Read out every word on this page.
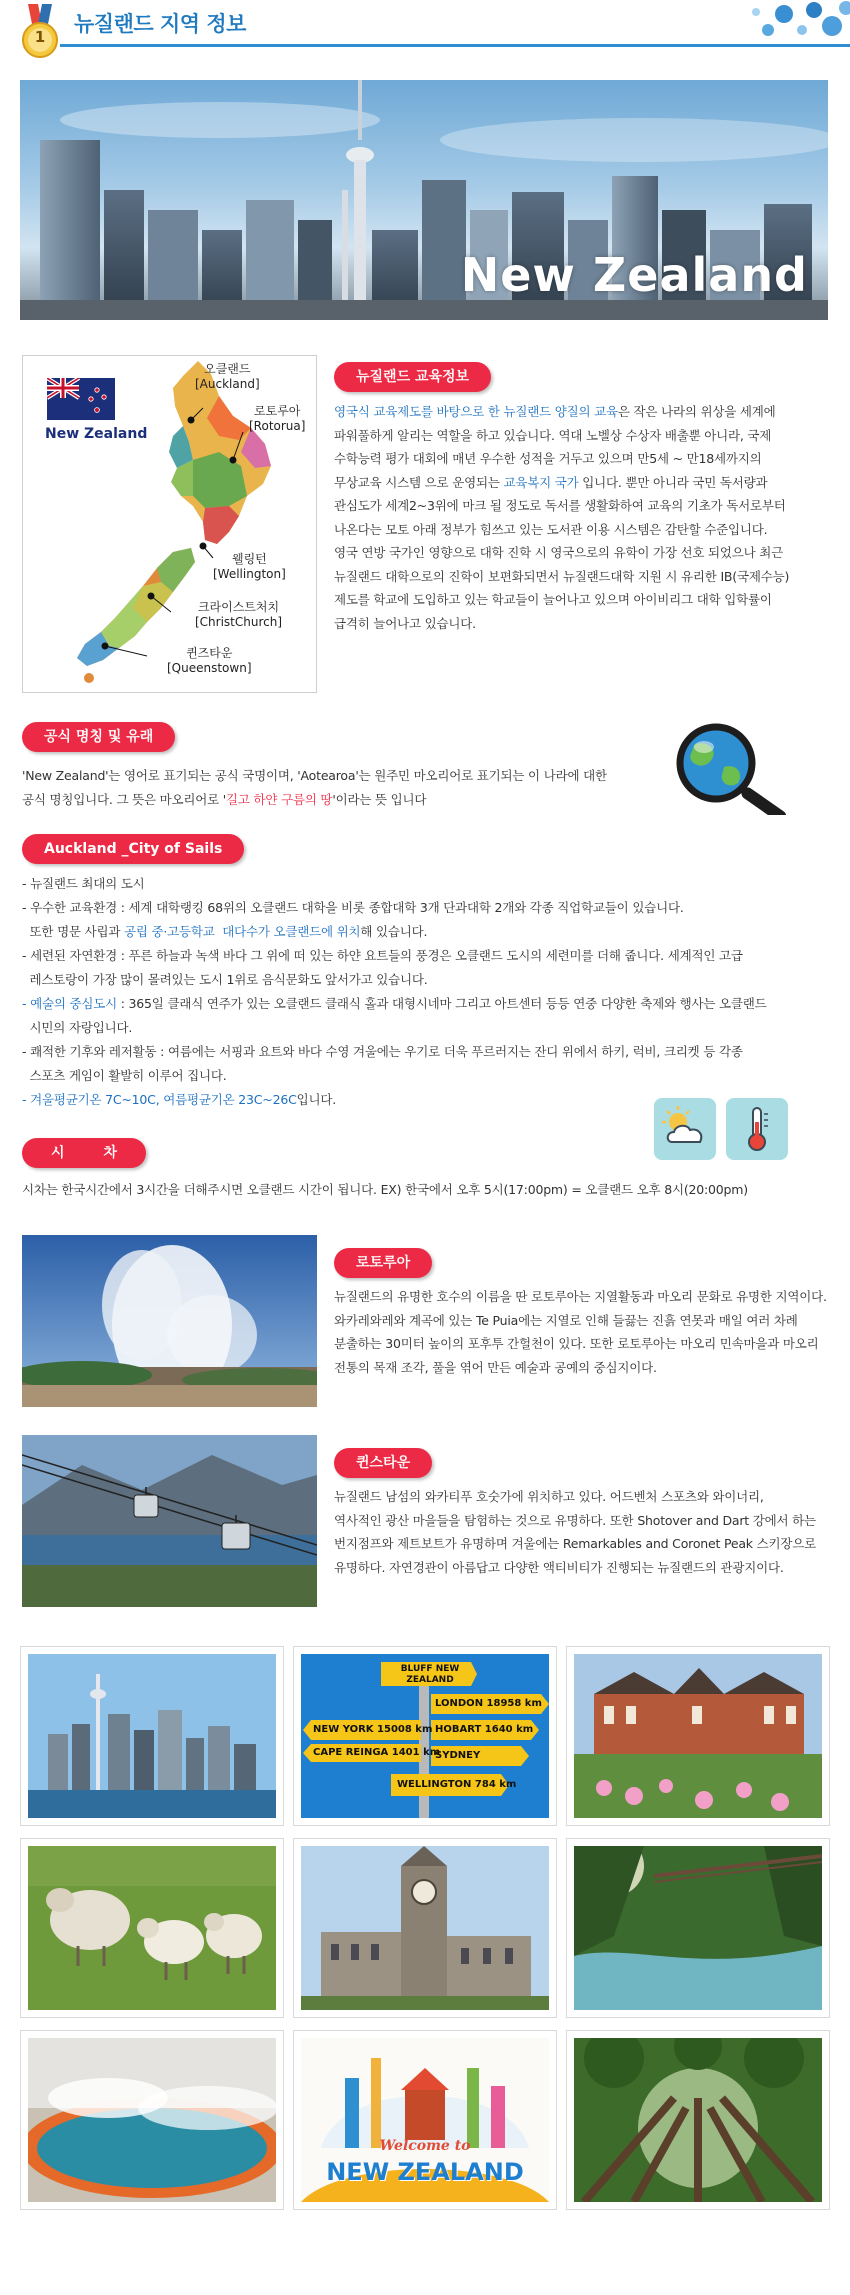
1
뉴질랜드 지역 정보
New Zealand
New Zealand
오클랜드
[Auckland]
로토루아
[Rotorua]
웰링턴
[Wellington]
크라이스트처치
[ChristChurch]
퀸즈타운
[Queenstown]
뉴질랜드 교육정보
영국식 교육제도를 바탕으로 한 뉴질랜드 양질의 교육은 작은 나라의 위상을 세계에
파워풀하게 알리는 역할을 하고 있습니다. 역대 노벨상 수상자 배출뿐 아니라, 국제
수학능력 평가 대회에 매년 우수한 성적을 거두고 있으며 만5세 ~ 만18세까지의
무상교육 시스템 으로 운영되는 교육복지 국가 입니다. 뿐만 아니라 국민 독서량과
관심도가 세계2~3위에 마크 될 정도로 독서를 생활화하여 교육의 기초가 독서로부터
나온다는 모토 아래 정부가 힘쓰고 있는 도서관 이용 시스템은 감탄할 수준입니다.
영국 연방 국가인 영향으로 대학 진학 시 영국으로의 유학이 가장 선호 되었으나 최근
뉴질랜드 대학으로의 진학이 보편화되면서 뉴질랜드대학 지원 시 유리한 IB(국제수능)
제도를 학교에 도입하고 있는 학교들이 늘어나고 있으며 아이비리그 대학 입학률이
급격히 늘어나고 있습니다.
공식 명칭 및 유래
'New Zealand'는 영어로 표기되는 공식 국명이며, 'Aotearoa'는 원주민 마오리어로 표기되는 이 나라에 대한
공식 명칭입니다. 그 뜻은 마오리어로 '길고 하얀 구름의 땅'이라는 뜻 입니다
Auckland _City of Sails
- 뉴질랜드 최대의 도시
- 우수한 교육환경 : 세계 대학랭킹 68위의 오클랜드 대학을 비롯 종합대학 3개 단과대학 2개와 각종 직업학교들이 있습니다.
또한 명문 사립과 공립 중·고등학교  대다수가 오클랜드에 위치해 있습니다.
- 세련된 자연환경 : 푸른 하늘과 녹색 바다 그 위에 떠 있는 하얀 요트들의 풍경은 오클랜드 도시의 세련미를 더해 줍니다. 세계적인 고급
레스토랑이 가장 많이 몰려있는 도시 1위로 음식문화도 앞서가고 있습니다.
- 예술의 중심도시 : 365일 클래식 연주가 있는 오클랜드 클래식 홀과 대형시네마 그리고 아트센터 등등 연중 다양한 축제와 행사는 오클랜드
시민의 자랑입니다.
- 쾌적한 기후와 레저활동 : 여름에는 서핑과 요트와 바다 수영 겨울에는 우기로 더욱 푸르러지는 잔디 위에서 하키, 럭비, 크리켓 등 각종
스포츠 게임이 활발히 이루어 집니다.
- 겨울평균기온 7C~10C, 여름평균기온 23C~26C입니다.
시        차
시차는 한국시간에서 3시간을 더해주시면 오클랜드 시간이 됩니다. EX) 한국에서 오후 5시(17:00pm) = 오클랜드 오후 8시(20:00pm)
로토루아
뉴질랜드의 유명한 호수의 이름을 딴 로토루아는 지열활동과 마오리 문화로 유명한 지역이다.
와카레와레와 계곡에 있는 Te Puia에는 지열로 인해 들끓는 진흙 연못과 매일 여러 차례
분출하는 30미터 높이의 포후투 간헐천이 있다. 또한 로토루아는 마오리 민속마을과 마오리
전통의 목재 조각, 풀을 엮어 만든 예술과 공예의 중심지이다.
퀸스타운
뉴질랜드 남섬의 와카티푸 호숫가에 위치하고 있다. 어드벤처 스포츠와 와이너리,
역사적인 광산 마을들을 탐험하는 것으로 유명하다. 또한 Shotover and Dart 강에서 하는
번지점프와 제트보트가 유명하며 겨울에는 Remarkables and Coronet Peak 스키장으로
유명하다. 자연경관이 아름답고 다양한 액티비티가 진행되는 뉴질랜드의 관광지이다.
BLUFF NEW ZEALAND
LONDON 18958 km
NEW YORK 15008 km HOBART 1640 km
CAPE REINGA 1401 km
SYDNEY
WELLINGTON 784 km
Welcome to
NEW ZEALAND
